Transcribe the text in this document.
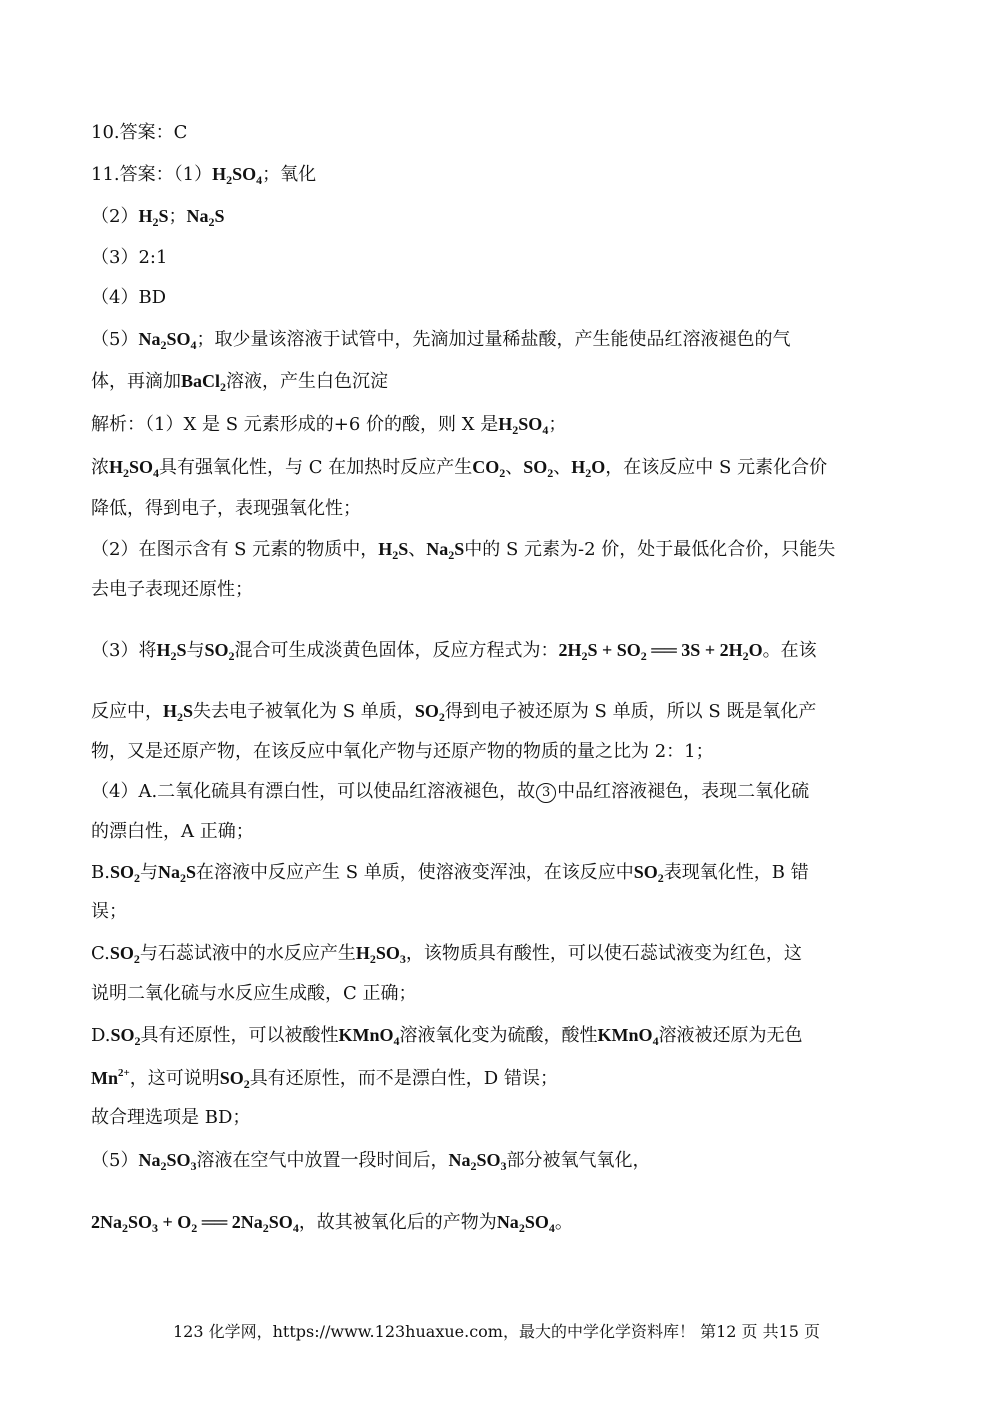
10.答案：C
11.答案：$(1)H_2SO_4$；氧化
$(2)H_2S$；$Na_2S$
（3）2:1
（4）BD
$(5)Na_2SO_4$；取少量该溶液于试管中，先滴加过量稀盐酸，产生能使品红溶液褪色的气
体，再滴加BaCl$_2$溶液，产生白色沉淀
解析：（1）X 是 S 元素形成的+6 价的酸，则 X 是$H_2SO_4$；
浓$H_2SO_4$具有强氧化性，与 C 在加热时反应产生$CO_2$、$SO_2$、$H_2O$，在该反应中 S 元素化合价
降低，得到电子，表现强氧化性；
（2）在图示含有 S 元素的物质中，$H_2S$、$Na_2S$中的 S 元素为-2 价，处于最低化合价，只能失
去电子表现还原性；
（3）将$H_2S$与$SO_2$混合可生成淡黄色固体，反应方程式为：$2H_2S + SO_2$ ══ $3S + 2H_2O$。在该
反应中，$H_2S$失去电子被氧化为 S 单质，$SO_2$得到电子被还原为 S 单质，所以 S 既是氧化产
物，又是还原产物，在该反应中氧化产物与还原产物的物质的量之比为 2：1；
（4）A.二氧化硫具有漂白性，可以使品红溶液褪色，故 3 中品红溶液褪色，表现二氧化硫
的漂白性，A 正确；
$B.SO_2$与$Na_2S$在溶液中反应产生 S 单质，使溶液变浑浊，在该反应中$SO_2$表现氧化性，B 错
误；
$C.SO_2$与石蕊试液中的水反应产生$H_2SO_3$，该物质具有酸性，可以使石蕊试液变为红色，这
说明二氧化硫与水反应生成酸，C 正确；
$D.SO_2$具有还原性，可以被酸性KMnO$_4$溶液氧化变为硫酸，酸性KMnO$_4$溶液被还原为无色
$Mn^{2+}$，这可说明$SO_2$具有还原性，而不是漂白性，D 错误；
故合理选项是 BD；
$(5)Na_2SO_3$溶液在空气中放置一段时间后，$Na_2SO_3$部分被氧气氧化，
$2Na_2SO_3 + O_2$ ══ $2Na_2SO_4$，故其被氧化后的产物为$Na_2SO_4$。
123 化学网，https://www.123huaxue.com，最大的中学化学资料库！ 第12 页 共15 页
